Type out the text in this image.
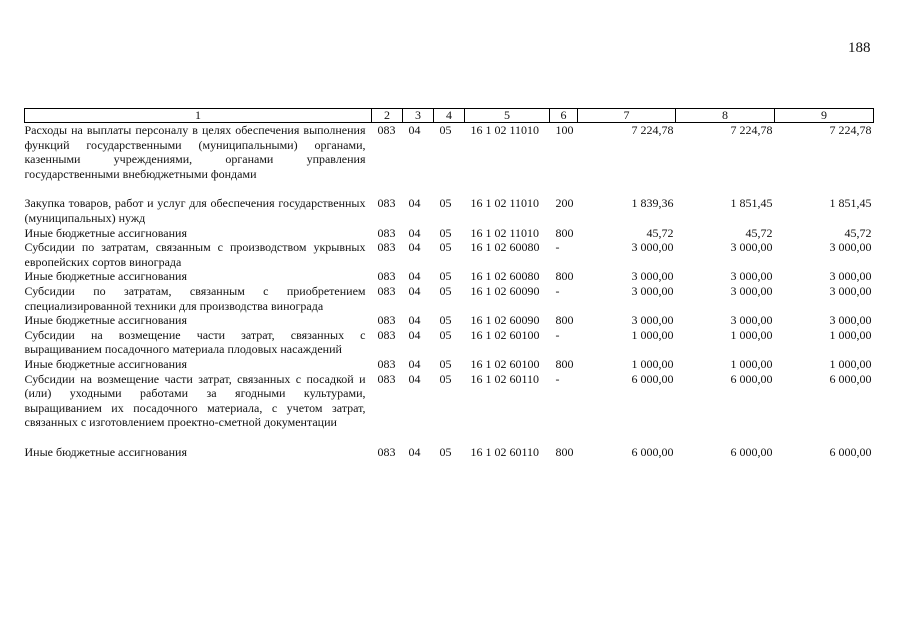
188
1	2	3	4	5	6	7	8	9
Расходы на выплаты персоналу в целях обеспечения выполнения функций государственными (муниципальными) органами, казенными учреждениями, органами управления государственными внебюджетными фондами	083	04	05	16 1 02 11010	100	7 224,78	7 224,78	7 224,78
Закупка товаров, работ и услуг для обеспечения государственных (муниципальных) нужд	083	04	05	16 1 02 11010	200	1 839,36	1 851,45	1 851,45
Иные бюджетные ассигнования	083	04	05	16 1 02 11010	800	45,72	45,72	45,72
Субсидии по затратам, связанным с производством укрывных европейских сортов винограда	083	04	05	16 1 02 60080	-	3 000,00	3 000,00	3 000,00
Иные бюджетные ассигнования	083	04	05	16 1 02 60080	800	3 000,00	3 000,00	3 000,00
Субсидии по затратам, связанным с приобретением специализированной техники для производства винограда	083	04	05	16 1 02 60090	-	3 000,00	3 000,00	3 000,00
Иные бюджетные ассигнования	083	04	05	16 1 02 60090	800	3 000,00	3 000,00	3 000,00
Субсидии на возмещение части затрат, связанных с выращиванием посадочного материала плодовых насаждений	083	04	05	16 1 02 60100	-	1 000,00	1 000,00	1 000,00
Иные бюджетные ассигнования	083	04	05	16 1 02 60100	800	1 000,00	1 000,00	1 000,00
Субсидии на возмещение части затрат, связанных с посадкой и (или) уходными работами за ягодными культурами, выращиванием их посадочного материала, с учетом затрат, связанных с изготовлением проектно-сметной документации	083	04	05	16 1 02 60110	-	6 000,00	6 000,00	6 000,00
Иные бюджетные ассигнования	083	04	05	16 1 02 60110	800	6 000,00	6 000,00	6 000,00
